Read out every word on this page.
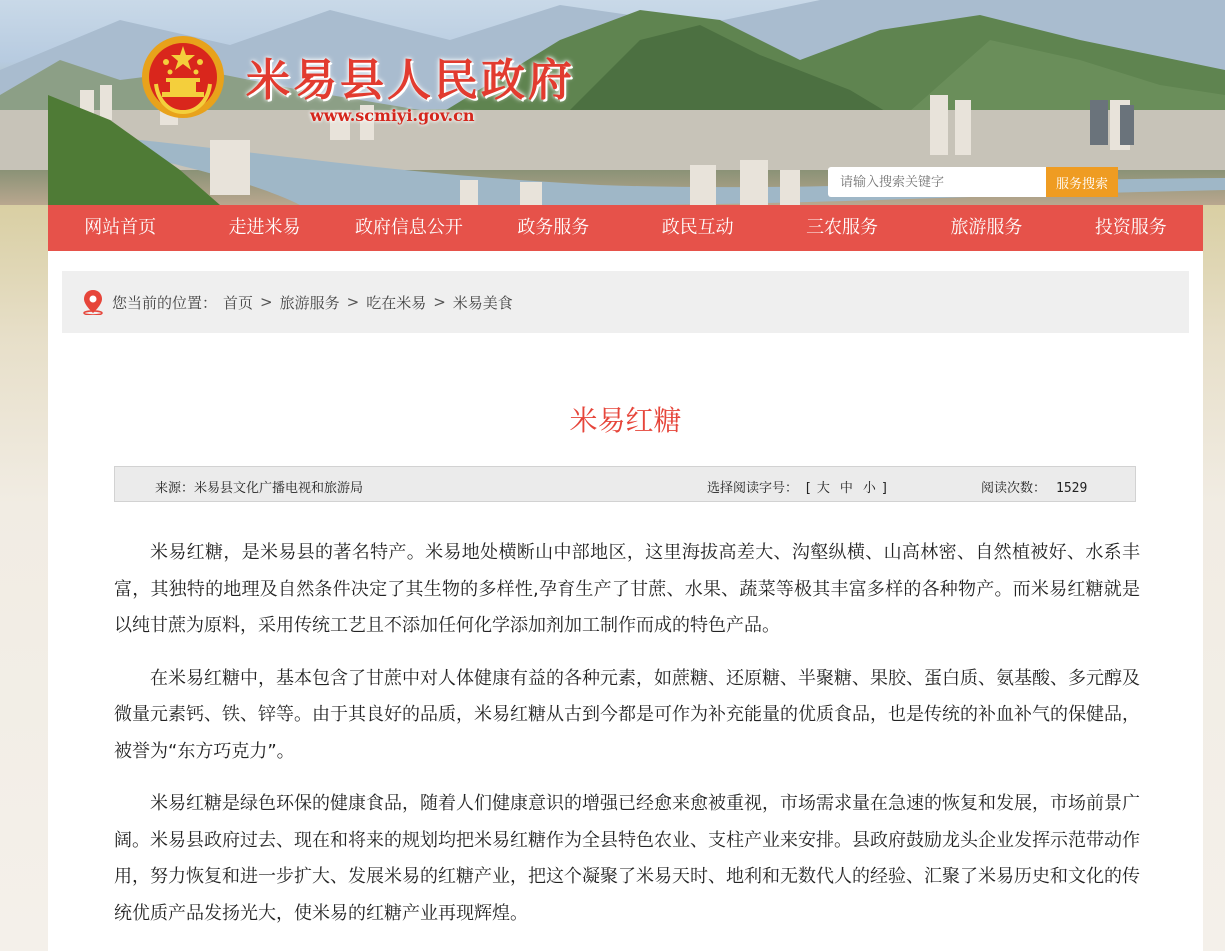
米易县人民政府
www.scmiyi.gov.cn
请输入搜索关键字
服务搜索
网站首页	走进米易	政府信息公开	政务服务	政民互动	三农服务	旅游服务	投资服务
您当前的位置： 首页 > 旅游服务 > 吃在米易 > 米易美食
米易红糖
来源：米易县文化广播电视和旅游局	选择阅读字号： [ 大 中 小 ]	阅读次数： 1529

米易红糖，是米易县的著名特产。米易地处横断山中部地区，这里海拔高差大、沟壑纵横、山高林密、自然植被好、水系丰富，其独特的地理及自然条件决定了其生物的多样性,孕育生产了甘蔗、水果、蔬菜等极其丰富多样的各种物产。而米易红糖就是以纯甘蔗为原料，采用传统工艺且不添加任何化学添加剂加工制作而成的特色产品。

在米易红糖中，基本包含了甘蔗中对人体健康有益的各种元素，如蔗糖、还原糖、半聚糖、果胶、蛋白质、氨基酸、多元醇及微量元素钙、铁、锌等。由于其良好的品质，米易红糖从古到今都是可作为补充能量的优质食品，也是传统的补血补气的保健品，被誉为“东方巧克力”。

米易红糖是绿色环保的健康食品，随着人们健康意识的增强已经愈来愈被重视，市场需求量在急速的恢复和发展，市场前景广阔。米易县政府过去、现在和将来的规划均把米易红糖作为全县特色农业、支柱产业来安排。县政府鼓励龙头企业发挥示范带动作用，努力恢复和进一步扩大、发展米易的红糖产业，把这个凝聚了米易天时、地利和无数代人的经验、汇聚了米易历史和文化的传统优质产品发扬光大，使米易的红糖产业再现辉煌。
